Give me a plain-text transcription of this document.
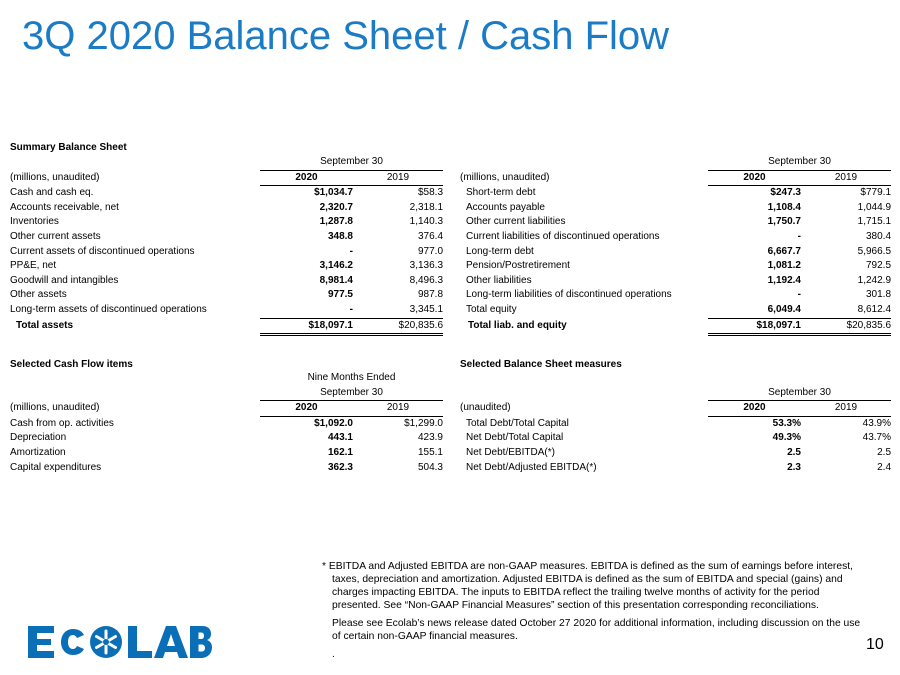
3Q 2020 Balance Sheet / Cash Flow
Summary Balance Sheet
	September 30	
(millions, unaudited)	2020	2019
Cash and cash eq.	$1,034.7	$58.3
Accounts receivable, net	2,320.7	2,318.1
Inventories	1,287.8	1,140.3
Other current assets	348.8	376.4
Current assets of discontinued operations	-	977.0
PP&E, net	3,146.2	3,136.3
Goodwill and intangibles	8,981.4	8,496.3
Other assets	977.5	987.8
Long-term assets of discontinued operations	-	3,345.1
Total assets	$18,097.1	$20,835.6
	September 30	
(millions, unaudited)	2020	2019
Short-term debt	$247.3	$779.1
Accounts payable	1,108.4	1,044.9
Other current liabilities	1,750.7	1,715.1
Current liabilities of discontinued operations	-	380.4
Long-term debt	6,667.7	5,966.5
Pension/Postretirement	1,081.2	792.5
Other liabilities	1,192.4	1,242.9
Long-term liabilities of discontinued operations	-	301.8
Total equity	6,049.4	8,612.4
Total liab. and equity	$18,097.1	$20,835.6
Selected Cash Flow items
	Nine Months Ended	
	September 30	
(millions, unaudited)	2020	2019
Cash from op. activities	$1,092.0	$1,299.0
Depreciation	443.1	423.9
Amortization	162.1	155.1
Capital expenditures	362.3	504.3
Selected Balance Sheet measures
	September 30	
(unaudited)	2020	2019
Total Debt/Total Capital	53.3%	43.9%
Net Debt/Total Capital	49.3%	43.7%
Net Debt/EBITDA(*)	2.5	2.5
Net Debt/Adjusted EBITDA(*)	2.3	2.4

* EBITDA and Adjusted EBITDA are non-GAAP measures. EBITDA is defined as the sum of earnings before interest, taxes, depreciation and amortization. Adjusted EBITDA is defined as the sum of EBITDA and special (gains) and charges impacting EBITDA. The inputs to EBITDA reflect the trailing twelve months of activity for the period presented. See “Non-GAAP Financial Measures” section of this presentation corresponding reconciliations.

Please see Ecolab’s news release dated October 27 2020 for additional information, including discussion on the use of certain non-GAAP financial measures.

.

10
